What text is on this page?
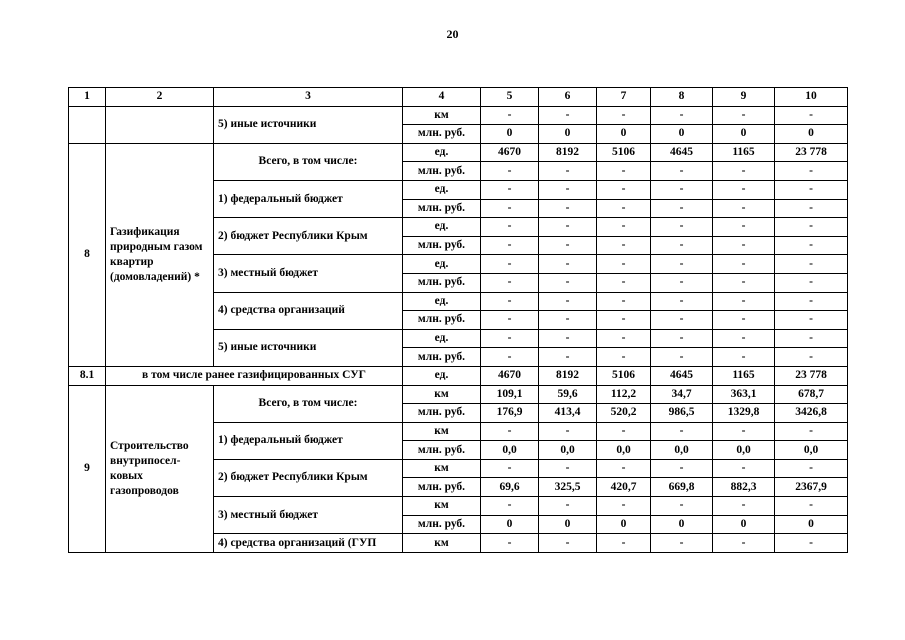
20
1	2	3	4	5	6	7	8	9	10
		5) иные источники	км	-	-	-	-	-	-
			млн. руб.	0	0	0	0	0	0
8	Газификация природным газом квартир (домовладений) *	Всего, в том числе:	ед.	4670	8192	5106	4645	1165	23 778
			млн. руб.	-	-	-	-	-	-
		1) федеральный бюджет	ед.	-	-	-	-	-	-
			млн. руб.	-	-	-	-	-	-
		2) бюджет Республики Крым	ед.	-	-	-	-	-	-
			млн. руб.	-	-	-	-	-	-
		3) местный бюджет	ед.	-	-	-	-	-	-
			млн. руб.	-	-	-	-	-	-
		4) средства организаций	ед.	-	-	-	-	-	-
			млн. руб.	-	-	-	-	-	-
		5) иные источники	ед.	-	-	-	-	-	-
			млн. руб.	-	-	-	-	-	-
8.1	в том числе ранее газифицированных СУГ		ед.	4670	8192	5106	4645	1165	23 778
9	Строительство внутрипосел-ковых газопроводов	Всего, в том числе:	км	109,1	59,6	112,2	34,7	363,1	678,7
			млн. руб.	176,9	413,4	520,2	986,5	1329,8	3426,8
		1) федеральный бюджет	км	-	-	-	-	-	-
			млн. руб.	0,0	0,0	0,0	0,0	0,0	0,0
		2) бюджет Республики Крым	км	-	-	-	-	-	-
			млн. руб.	69,6	325,5	420,7	669,8	882,3	2367,9
		3) местный бюджет	км	-	-	-	-	-	-
			млн. руб.	0	0	0	0	0	0
		4) средства организаций (ГУП	км	-	-	-	-	-	-
